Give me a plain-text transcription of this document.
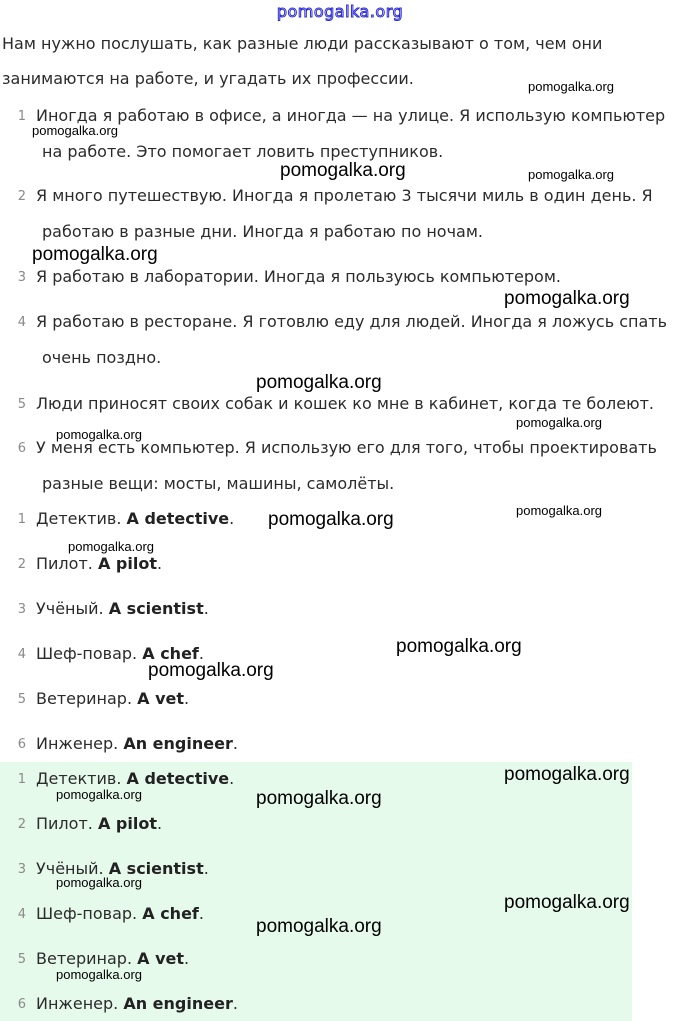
pomogalka.org
Нам нужно послушать, как разные люди рассказывают о том, чем они
занимаются на работе, и угадать их профессии.
1 Иногда я работаю в офисе, а иногда — на улице. Я использую компьютер
на работе. Это помогает ловить преступников.
2 Я много путешествую. Иногда я пролетаю 3 тысячи миль в один день. Я
работаю в разные дни. Иногда я работаю по ночам.
3 Я работаю в лаборатории. Иногда я пользуюсь компьютером.
4 Я работаю в ресторане. Я готовлю еду для людей. Иногда я ложусь спать
очень поздно.
5 Люди приносят своих собак и кошек ко мне в кабинет, когда те болеют.
6 У меня есть компьютер. Я использую его для того, чтобы проектировать
разные вещи: мосты, машины, самолёты.
1 Детектив. A detective.
2 Пилот. A pilot.
3 Учёный. A scientist.
4 Шеф-повар. A chef.
5 Ветеринар. A vet.
6 Инженер. An engineer.
1 Детектив. A detective.
2 Пилот. A pilot.
3 Учёный. A scientist.
4 Шеф-повар. A chef.
5 Ветеринар. A vet.
6 Инженер. An engineer.
pomogalka.org
pomogalka.org
pomogalka.org	pomogalka.org
pomogalka.org
pomogalka.org
pomogalka.org
pomogalka.org
pomogalka.org
pomogalka.org
pomogalka.org
pomogalka.org
pomogalka.org
pomogalka.org
pomogalka.org
pomogalka.org	pomogalka.org
pomogalka.org
pomogalka.org
pomogalka.org
pomogalka.org
